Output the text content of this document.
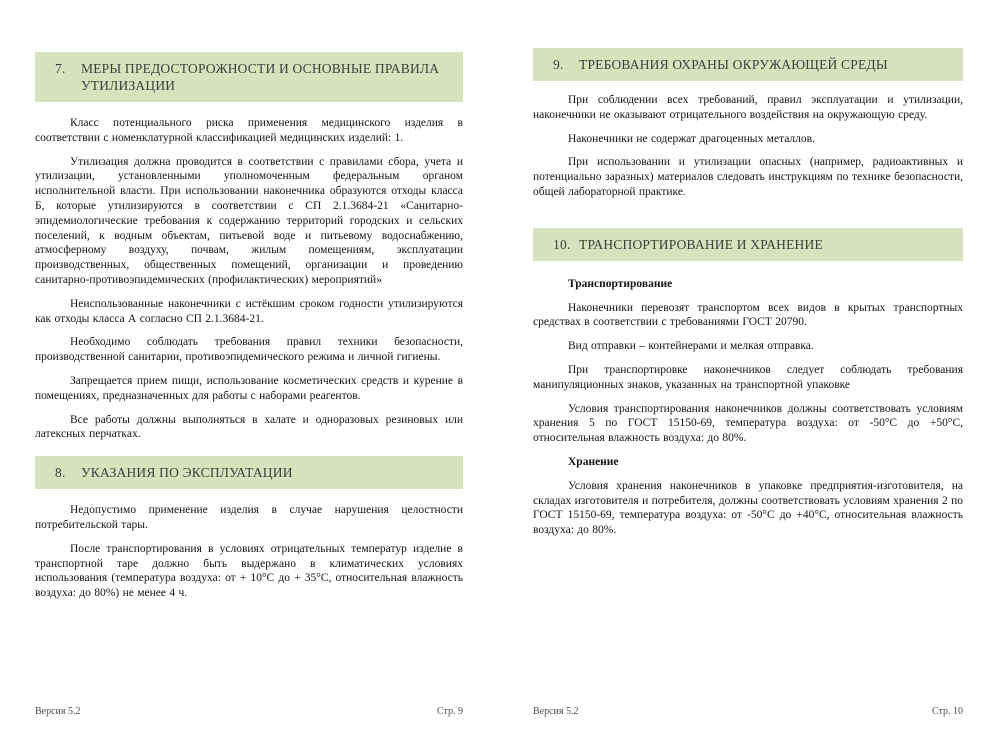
7.	МЕРЫ ПРЕДОСТОРОЖНОСТИ И ОСНОВНЫЕ ПРАВИЛА УТИЛИЗАЦИИ

Класс потенциального риска применения медицинского изделия в соответствии с номенклатурной классификацией медицинских изделий: 1.

Утилизация должна проводится в соответствии с правилами сбора, учета и утилизации, установленными уполномоченным федеральным органом исполнительной власти. При использовании наконечника образуются отходы класса Б, которые утилизируются в соответствии с СП 2.1.3684-21 «Санитарно-эпидемиологические требования к содержанию территорий городских и сельских поселений, к водным объектам, питьевой воде и питьевому водоснабжению, атмосферному воздуху, почвам, жилым помещениям, эксплуатации производственных, общественных помещений, организации и проведению санитарно-противоэпидемических (профилактических) мероприятий»

Неиспользованные наконечники с истёкшим сроком годности утилизируются как отходы класса А согласно СП 2.1.3684-21.

Необходимо соблюдать требования правил техники безопасности, производственной санитарии, противоэпидемического режима и личной гигиены.

Запрещается прием пищи, использование косметических средств и курение в помещениях, предназначенных для работы с наборами реагентов.

Все работы должны выполняться в халате и одноразовых резиновых или латексных перчатках.

8.	УКАЗАНИЯ ПО ЭКСПЛУАТАЦИИ

Недопустимо применение изделия в случае нарушения целостности потребительской тары.

После транспортирования в условиях отрицательных температур изделие в транспортной таре должно быть выдержано в климатических условиях использования (температура воздуха: от + 10°С до + 35°С, относительная влажность воздуха: до 80%) не менее 4 ч.

9.	ТРЕБОВАНИЯ ОХРАНЫ ОКРУЖАЮЩЕЙ СРЕДЫ

При соблюдении всех требований, правил эксплуатации и утилизации, наконечники не оказывают отрицательного воздействия на окружающую среду.

Наконечники не содержат драгоценных металлов.

При использовании и утилизации опасных (например, радиоактивных и потенциально заразных) материалов следовать инструкциям по технике безопасности, общей лабораторной практике.

10. ТРАНСПОРТИРОВАНИЕ И ХРАНЕНИЕ

Транспортирование

Наконечники перевозят транспортом всех видов в крытых транспортных средствах в соответствии с требованиями ГОСТ 20790.

Вид отправки – контейнерами и мелкая отправка.

При транспортировке наконечников следует соблюдать требования манипуляционных знаков, указанных на транспортной упаковке

Условия транспортирования наконечников должны соответствовать условиям хранения 5 по ГОСТ 15150-69, температура воздуха: от -50°С до +50°С, относительная влажность воздуха: до 80%.

Хранение

Условия хранения наконечников в упаковке предприятия-изготовителя, на складах изготовителя и потребителя, должны соответствовать условиям хранения 2 по ГОСТ 15150-69, температура воздуха: от -50°С до +40°С, относительная влажность воздуха: до 80%.

Версия 5.2	Стр. 9	Версия 5.2	Стр. 10
